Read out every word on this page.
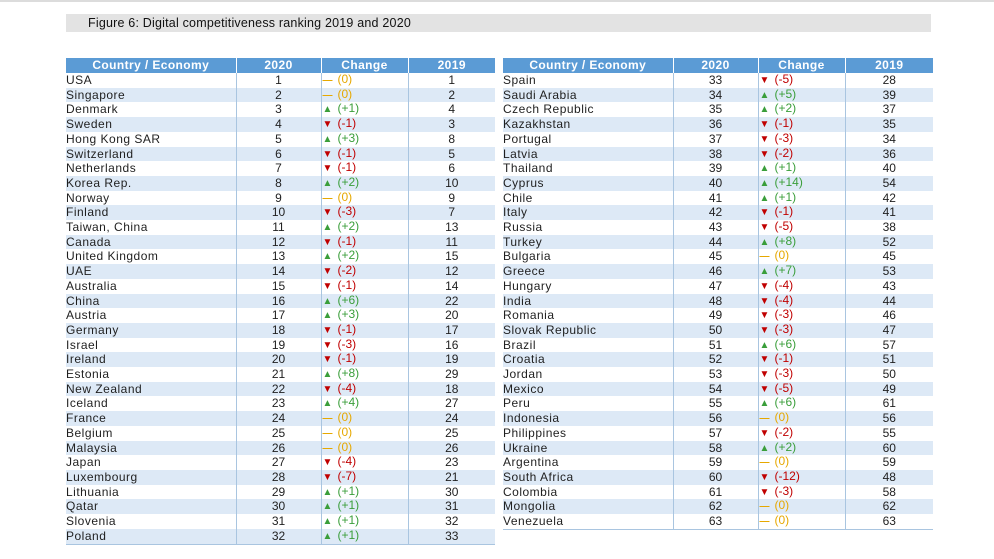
Figure 6: Digital competitiveness ranking 2019 and 2020
Country / Economy	2020	Change	2019
USA	1	— (0)	1
Singapore	2	— (0)	2
Denmark	3	▲ (+1)	4
Sweden	4	▼ (-1)	3
Hong Kong SAR	5	▲ (+3)	8
Switzerland	6	▼ (-1)	5
Netherlands	7	▼ (-1)	6
Korea Rep.	8	▲ (+2)	10
Norway	9	— (0)	9
Finland	10	▼ (-3)	7
Taiwan, China	11	▲ (+2)	13
Canada	12	▼ (-1)	11
United Kingdom	13	▲ (+2)	15
UAE	14	▼ (-2)	12
Australia	15	▼ (-1)	14
China	16	▲ (+6)	22
Austria	17	▲ (+3)	20
Germany	18	▼ (-1)	17
Israel	19	▼ (-3)	16
Ireland	20	▼ (-1)	19
Estonia	21	▲ (+8)	29
New Zealand	22	▼ (-4)	18
Iceland	23	▲ (+4)	27
France	24	— (0)	24
Belgium	25	— (0)	25
Malaysia	26	— (0)	26
Japan	27	▼ (-4)	23
Luxembourg	28	▼ (-7)	21
Lithuania	29	▲ (+1)	30
Qatar	30	▲ (+1)	31
Slovenia	31	▲ (+1)	32
Poland	32	▲ (+1)	33
Country / Economy	2020	Change	2019
Spain	33	▼ (-5)	28
Saudi Arabia	34	▲ (+5)	39
Czech Republic	35	▲ (+2)	37
Kazakhstan	36	▼ (-1)	35
Portugal	37	▼ (-3)	34
Latvia	38	▼ (-2)	36
Thailand	39	▲ (+1)	40
Cyprus	40	▲ (+14)	54
Chile	41	▲ (+1)	42
Italy	42	▼ (-1)	41
Russia	43	▼ (-5)	38
Turkey	44	▲ (+8)	52
Bulgaria	45	— (0)	45
Greece	46	▲ (+7)	53
Hungary	47	▼ (-4)	43
India	48	▼ (-4)	44
Romania	49	▼ (-3)	46
Slovak Republic	50	▼ (-3)	47
Brazil	51	▲ (+6)	57
Croatia	52	▼ (-1)	51
Jordan	53	▼ (-3)	50
Mexico	54	▼ (-5)	49
Peru	55	▲ (+6)	61
Indonesia	56	— (0)	56
Philippines	57	▼ (-2)	55
Ukraine	58	▲ (+2)	60
Argentina	59	— (0)	59
South Africa	60	▼ (-12)	48
Colombia	61	▼ (-3)	58
Mongolia	62	— (0)	62
Venezuela	63	— (0)	63
